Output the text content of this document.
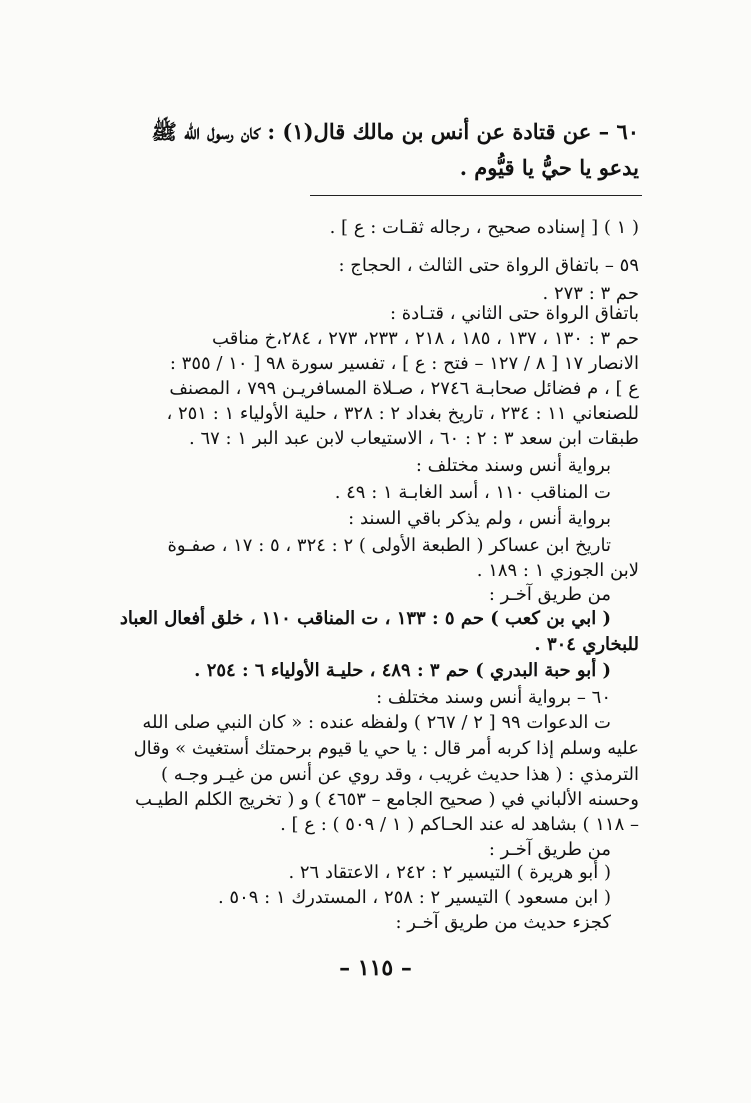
٦٠ً – عن قتادة عن أنس بن مالك قال(١) : كان رسول الله ﷺ
يدعو يا حيُّ يا قيُّوم .
( ١ ) [ إسناده صحيح ، رجاله ثقـات : ع ] .
٥٩ً – باتفاق الرواة حتى الثالث ، الحجاج :
حم ٣ : ٢٧٣ .
باتفاق الرواة حتى الثاني ، قتـادة :
حم ٣ : ١٣٠ ، ١٣٧ ، ١٨٥ ، ٢١٨ ، ٢٣٣، ٢٧٣ ، ٢٨٤،خ مناقب
الانصار ١٧ [ ٨ / ١٢٧ – فتح : ع ] ، تفسير سورة ٩٨ [ ١٠ / ٣٥٥ :
ع ] ، م فضائل صحابـة ٢٧٤٦ ، صـلاة المسافريـن ٧٩٩ ، المصنف
للصنعاني ١١ : ٢٣٤ ، تاريخ بغداد ٢ : ٣٢٨ ، حلية الأولياء ١ : ٢٥١ ،
طبقات ابن سعد ٣ : ٢ : ٦٠ ، الاستيعاب لابن عبد البر ١ : ٦٧ .
برواية أنس وسند مختلف :
ت المناقب ١١٠ ، أسد الغابـة ١ : ٤٩ .
برواية أنس ، ولم يذكر باقي السند :
تاريخ ابن عساكر ( الطبعة الأولى ) ٢ : ٣٢٤ ، ٥ : ١٧ ، صفـوة
لابن الجوزي ١ : ١٨٩ .
من طريق آخـر :
( ابي بن كعب ) حم ٥ : ١٣٣ ، ت المناقب ١١٠ ، خلق أفعال العباد
للبخاري ٣٠٤ .
( أبو حبة البدري ) حم ٣ : ٤٨٩ ، حليـة الأولياء ٦ : ٢٥٤ .
٦٠ً – برواية أنس وسند مختلف :
ت الدعوات ٩٩ [ ٢ / ٢٦٧ ) ولفظه عنده : « كان النبي صلى الله
عليه وسلم إذا كربه أمر قال : يا حي يا قيوم برحمتك أستغيث » وقال
الترمذي : ( هذا حديث غريب ، وقد روي عن أنس من غيـر وجـه )
وحسنه الألباني في ( صحيح الجامع – ٤٦٥٣ ) و ( تخريج الكلم الطيـب
– ١١٨ ) بشاهد له عند الحـاكم ( ١ / ٥٠٩ ) : ع ] .
من طريق آخـر :
( أبو هريرة ) التيسير ٢ : ٢٤٢ ، الاعتقاد ٢٦ .
( ابن مسعود ) التيسير ٢ : ٢٥٨ ، المستدرك ١ : ٥٠٩ .
كجزء حديث من طريق آخـر :
– ١١٥ –
